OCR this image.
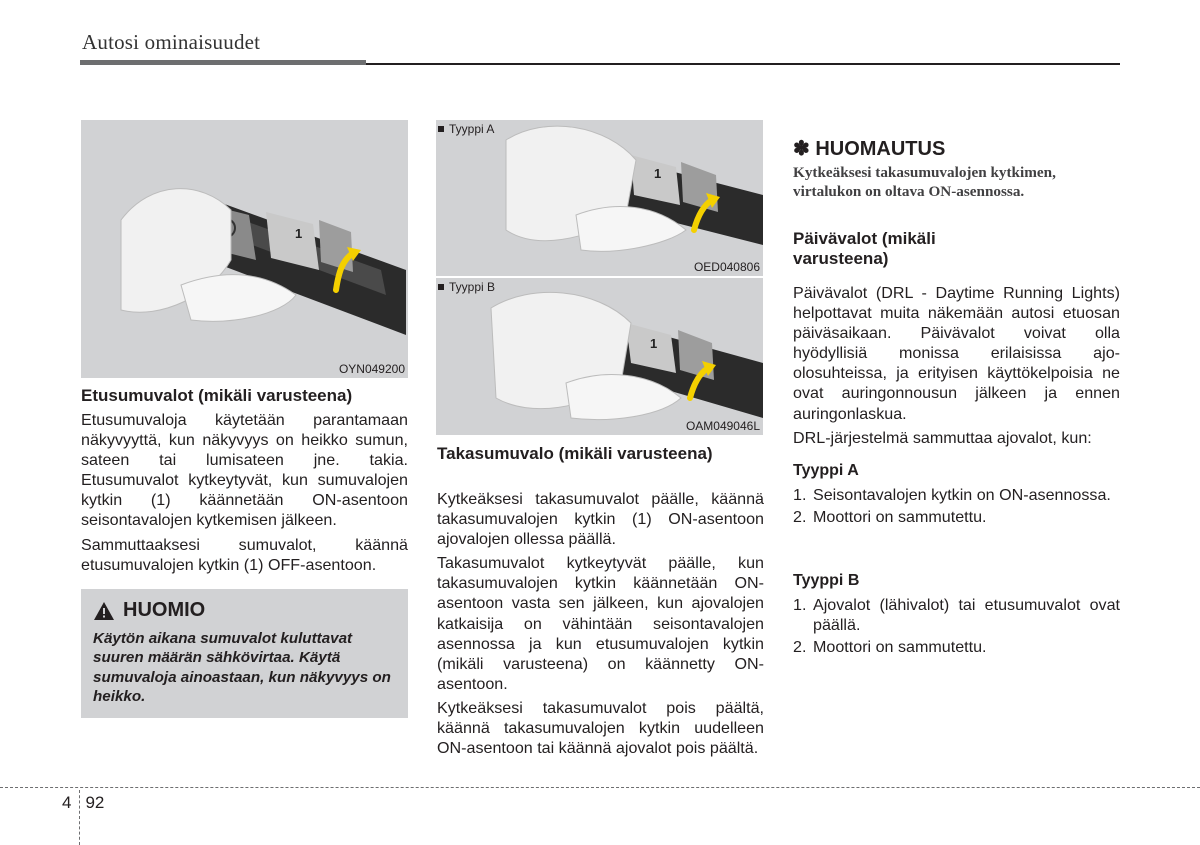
Autosi ominaisuudet
1
OYN049200
1
Tyyppi A
OED040806
1
Tyyppi B
OAM049046L
Etusumuvalot (mikäli varusteena)

Etusumuvaloja käytetään parantamaan näkyvyyttä, kun näkyvyys on heikko sumun, sateen tai lumisateen jne. takia. Etusumuvalot kytkeytyvät, kun sumuvalojen kytkin (1) käännetään ON-asentoon seisontavalojen kytkemisen jälkeen.

Sammuttaaksesi sumuvalot, käännä etusumuvalojen kytkin (1) OFF-asentoon.

HUOMIO
Käytön aikana sumuvalot kuluttavat suuren määrän sähkövirtaa. Käytä sumuvaloja ainoastaan, kun näkyvyys on heikko.
Takasumuvalo (mikäli varusteena)

Kytkeäksesi takasumuvalot päälle, käännä takasumuvalojen kytkin (1) ON-asentoon ajovalojen ollessa päällä.

Takasumuvalot kytkeytyvät päälle, kun takasumuvalojen kytkin käännetään ON-asentoon vasta sen jälkeen, kun ajovalojen katkaisija on vähintään seisontavalojen asennossa ja kun etusumuvalojen kytkin (mikäli varusteena) on käännetty ON-asentoon.

Kytkeäksesi takasumuvalot pois päältä, käännä takasumuvalojen kytkin uudelleen ON-asentoon tai käännä ajovalot pois päältä.

✽ HUOMAUTUS
Kytkeäksesi takasumuvalojen kytkimen, virtalukon on oltava ON-asennossa.
Päivävalot (mikäli varusteena)

Päivävalot (DRL - Daytime Running Lights) helpottavat muita näkemään autosi etuosan päiväsaikaan. Päivävalot voivat olla hyödyllisiä monissa erilaisissa ajo-olosuhteissa, ja erityisen käyttökelpoisia ne ovat auringonnousun jälkeen ja ennen auringonlaskua.

DRL-järjestelmä sammuttaa ajovalot, kun:

Tyyppi A
1. Seisontavalojen kytkin on ON-asennossa.
2. Moottori on sammutettu.
Tyyppi B
1. Ajovalot (lähivalot) tai etusumuvalot ovat päällä.
2. Moottori on sammutettu.
4 92
